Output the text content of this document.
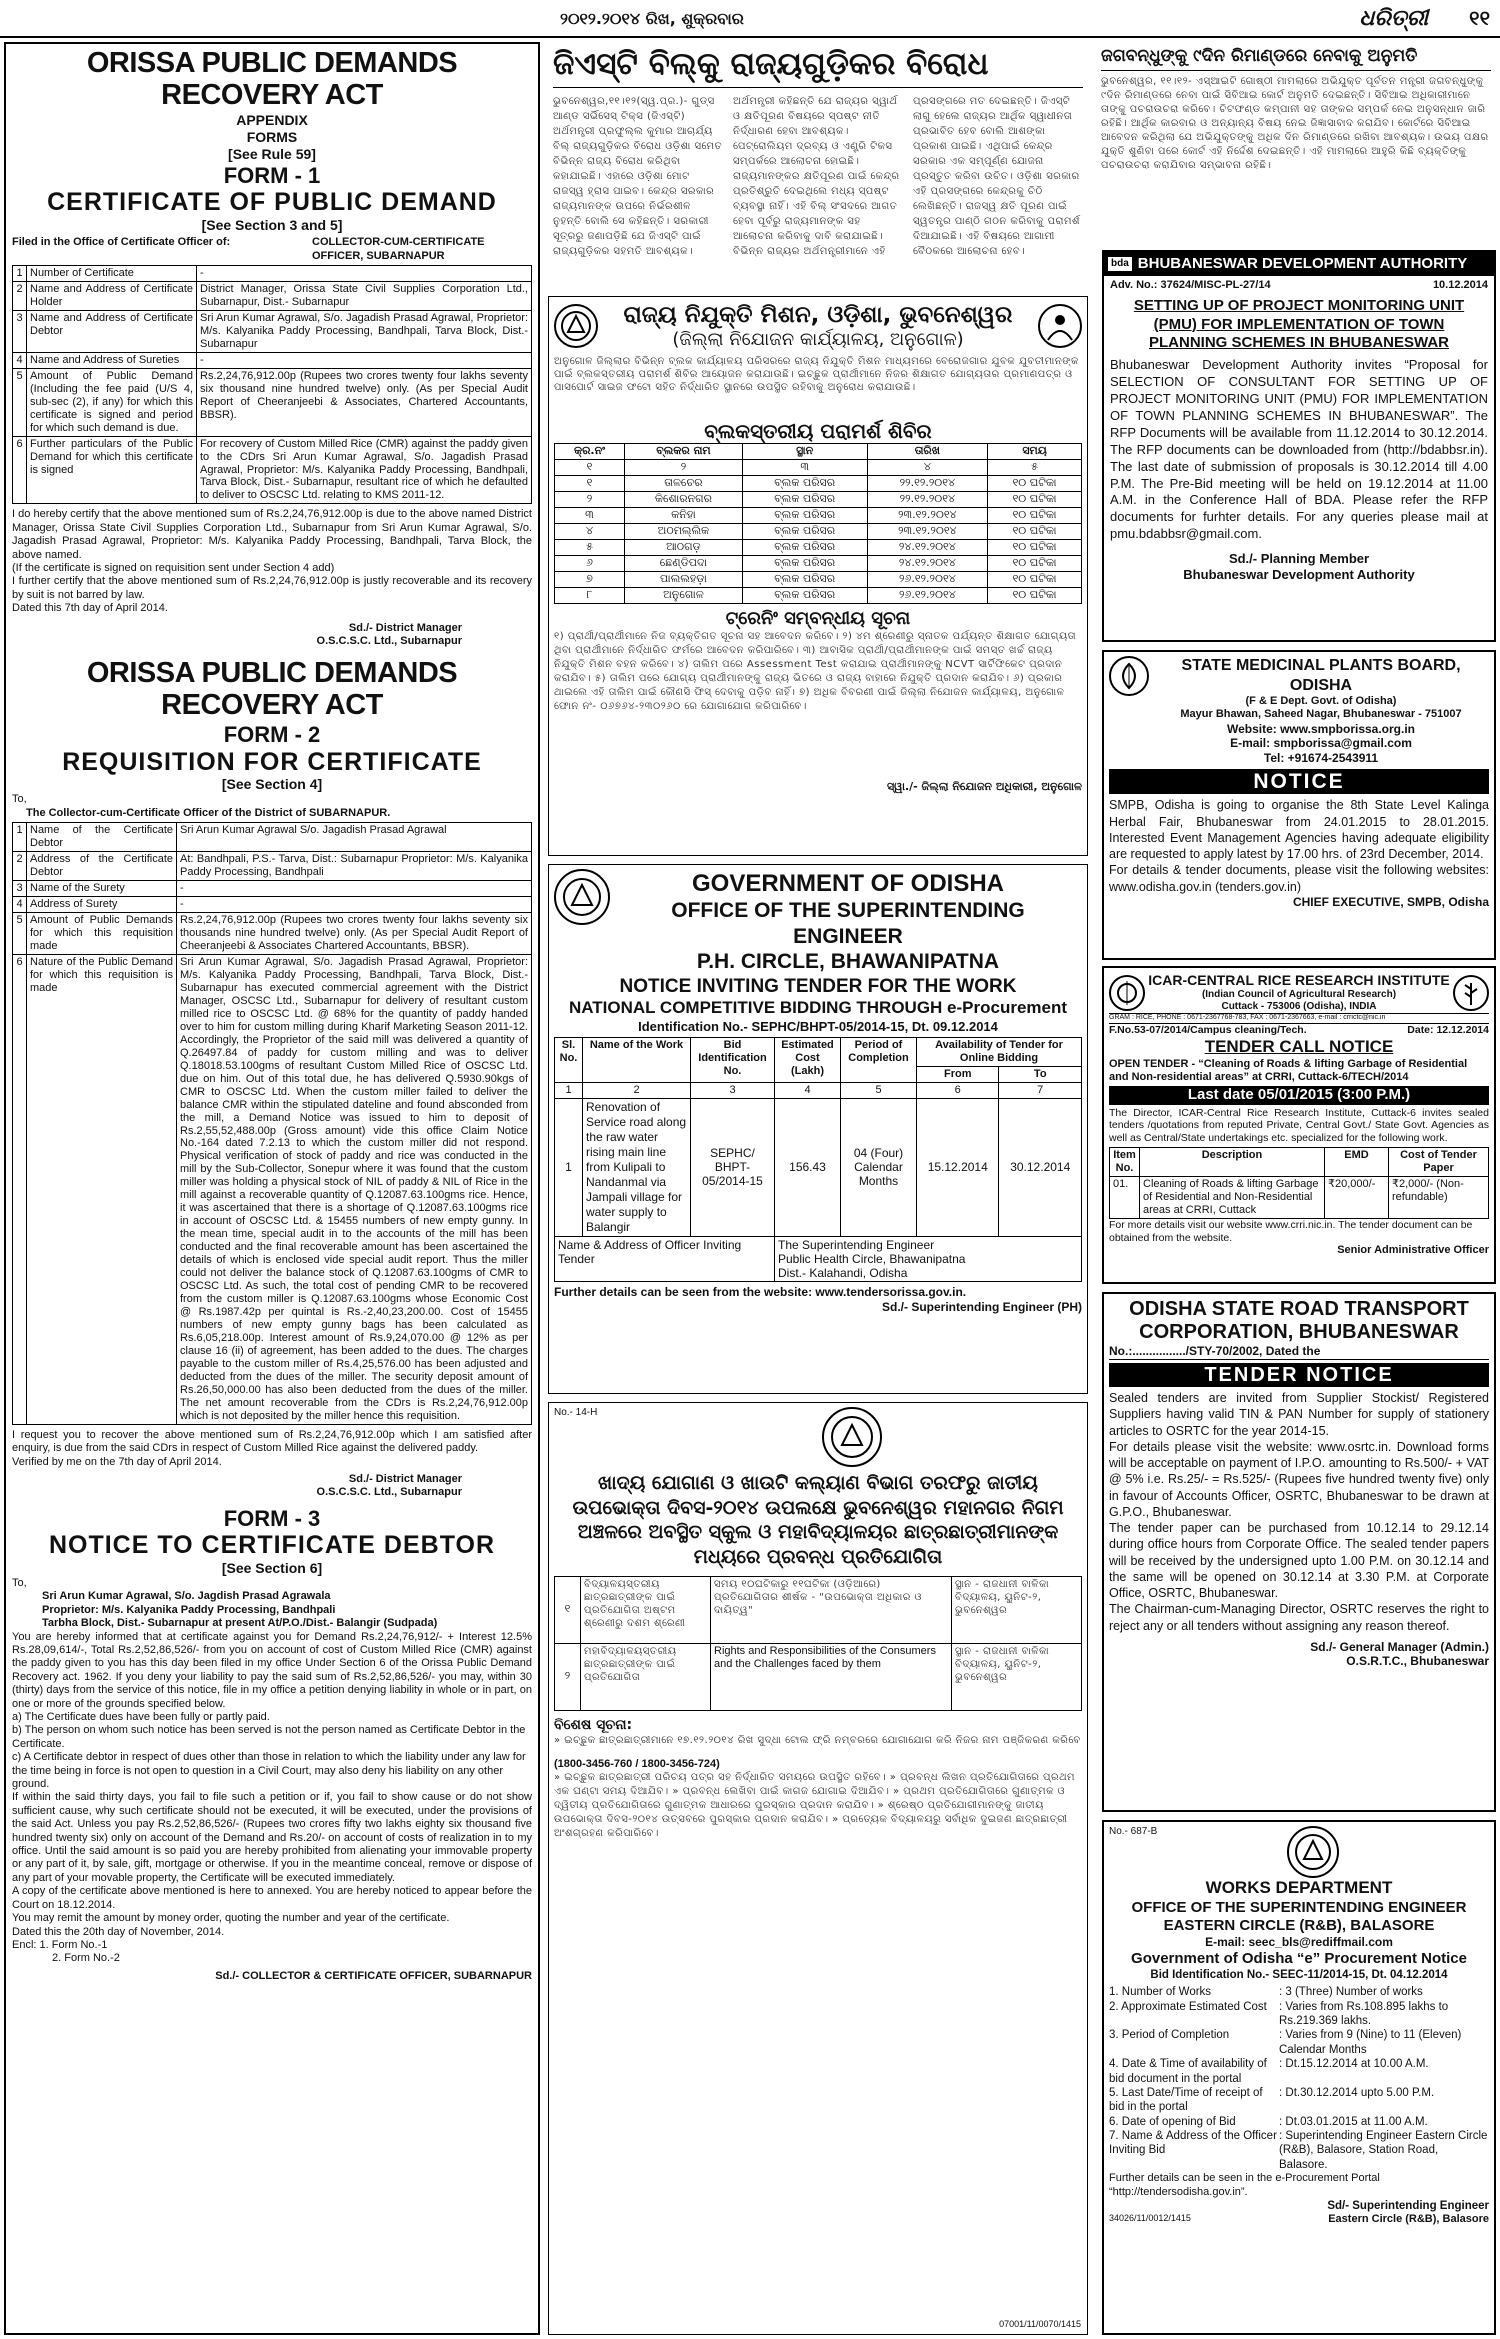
୨୦୧୨.୨୦୧୪ ରିଖ, ଶୁକ୍ରବାର	ଧରିତ୍ରୀ ୧୧
ORISSA PUBLIC DEMANDS RECOVERY ACT
APPENDIX
FORMS
[See Rule 59]
FORM - 1
CERTIFICATE OF PUBLIC DEMAND
[See Section 3 and 5]
Filed in the Office of Certificate Officer of:	COLLECTOR-CUM-CERTIFICATE OFFICER, SUBARNAPUR
1	Number of Certificate	-
2	Name and Address of Certificate Holder	District Manager, Orissa State Civil Supplies Corporation Ltd., Subarnapur, Dist.- Subarnapur
3	Name and Address of Certificate Debtor	Sri Arun Kumar Agrawal, S/o. Jagadish Prasad Agrawal, Proprietor: M/s. Kalyanika Paddy Processing, Bandhpali, Tarva Block, Dist.- Subarnapur
4	Name and Address of Sureties	-
5	Amount of Public Demand (Including the fee paid (U/S 4, sub-sec (2), if any) for which this certificate is signed and period for which such demand is due.	Rs.2,24,76,912.00p (Rupees two crores twenty four lakhs seventy six thousand nine hundred twelve) only. (As per Special Audit Report of Cheeranjeebi & Associates, Chartered Accountants, BBSR).
6	Further particulars of the Public Demand for which this certificate is signed	For recovery of Custom Milled Rice (CMR) against the paddy given to the CDrs Sri Arun Kumar Agrawal, S/o. Jagadish Prasad Agrawal, Proprietor: M/s. Kalyanika Paddy Processing, Bandhpali, Tarva Block, Dist.- Subarnapur, resultant rice of which he defaulted to deliver to OSCSC Ltd. relating to KMS 2011-12.
I do hereby certify that the above mentioned sum of Rs.2,24,76,912.00p is due to the above named District Manager, Orissa State Civil Supplies Corporation Ltd., Subarnapur from Sri Arun Kumar Agrawal, S/o. Jagadish Prasad Agrawal, Proprietor: M/s. Kalyanika Paddy Processing, Bandhpali, Tarva Block, the above named.
(If the certificate is signed on requisition sent under Section 4 add)
I further certify that the above mentioned sum of Rs.2,24,76,912.00p is justly recoverable and its recovery by suit is not barred by law.
Dated this 7th day of April 2014.
Sd./- District Manager
O.S.C.S.C. Ltd., Subarnapur
ORISSA PUBLIC DEMANDS RECOVERY ACT
FORM - 2
REQUISITION FOR CERTIFICATE
[See Section 4]
To,
The Collector-cum-Certificate Officer of the District of SUBARNAPUR.
1	Name of the Certificate Debtor	Sri Arun Kumar Agrawal S/o. Jagadish Prasad Agrawal
2	Address of the Certificate Debtor	At: Bandhpali, P.S.- Tarva, Dist.: Subarnapur Proprietor: M/s. Kalyanika Paddy Processing, Bandhpali
3	Name of the Surety	-
4	Address of Surety	-
5	Amount of Public Demands for which this requisition made	Rs.2,24,76,912.00p (Rupees two crores twenty four lakhs seventy six thousands nine hundred twelve) only. (As per Special Audit Report of Cheeranjeebi & Associates Chartered Accountants, BBSR).
6	Nature of the Public Demand for which this requisition is made	Sri Arun Kumar Agrawal, S/o. Jagadish Prasad Agrawal, Proprietor: M/s. Kalyanika Paddy Processing, Bandhpali, Tarva Block, Dist.- Subarnapur has executed commercial agreement with the District Manager, OSCSC Ltd., Subarnapur for delivery of resultant custom milled rice to OSCSC Ltd. @ 68% for the quantity of paddy handed over to him for custom milling during Kharif Marketing Season 2011-12. Accordingly, the Proprietor of the said mill was delivered a quantity of Q.26497.84 of paddy for custom milling and was to deliver Q.18018.53.100gms of resultant Custom Milled Rice of OSCSC Ltd. due on him. Out of this total due, he has delivered Q.5930.90kgs of CMR to OSCSC Ltd. When the custom miller failed to deliver the balance CMR within the stipulated dateline and found absconded from the mill, a Demand Notice was issued to him to deposit of Rs.2,55,52,488.00p (Gross amount) vide this office Claim Notice No.-164 dated 7.2.13 to which the custom miller did not respond. Physical verification of stock of paddy and rice was conducted in the mill by the Sub-Collector, Sonepur where it was found that the custom miller was holding a physical stock of NIL of paddy & NIL of Rice in the mill against a recoverable quantity of Q.12087.63.100gms rice. Hence, it was ascertained that there is a shortage of Q.12087.63.100gms rice in account of OSCSC Ltd. & 15455 numbers of new empty gunny. In the mean time, special audit in to the accounts of the mill has been conducted and the final recoverable amount has been ascertained the details of which is enclosed vide special audit report. Thus the miller could not deliver the balance stock of Q.12087.63.100gms of CMR to OSCSC Ltd. As such, the total cost of pending CMR to be recovered from the custom miller is Q.12087.63.100gms whose Economic Cost @ Rs.1987.42p per quintal is Rs.-2,40,23,200.00. Cost of 15455 numbers of new empty gunny bags has been calculated as Rs.6,05,218.00p. Interest amount of Rs.9,24,070.00 @ 12% as per clause 16 (ii) of agreement, has been added to the dues. The charges payable to the custom miller of Rs.4,25,576.00 has been adjusted and deducted from the dues of the miller. The security deposit amount of Rs.26,50,000.00 has also been deducted from the dues of the miller. The net amount recoverable from the CDrs is Rs.2,24,76,912.00p which is not deposited by the miller hence this requisition.
I request you to recover the above mentioned sum of Rs.2,24,76,912.00p which I am satisfied after enquiry, is due from the said CDrs in respect of Custom Milled Rice against the delivered paddy.
Verified by me on the 7th day of April 2014.
Sd./- District Manager
O.S.C.S.C. Ltd., Subarnapur
FORM - 3
NOTICE TO CERTIFICATE DEBTOR
[See Section 6]
To,
Sri Arun Kumar Agrawal, S/o. Jagdish Prasad Agrawala
Proprietor: M/s. Kalyanika Paddy Processing, Bandhpali
Tarbha Block, Dist.- Subarnapur at present At/P.O./Dist.- Balangir (Sudpada)
You are hereby informed that at certificate against you for Demand Rs.2,24,76,912/- + Interest 12.5% Rs.28,09,614/-, Total Rs.2,52,86,526/- from you on account of cost of Custom Milled Rice (CMR) against the paddy given to you has this day been filed in my office Under Section 6 of the Orissa Public Demand Recovery act. 1962. If you deny your liability to pay the said sum of Rs.2,52,86,526/- you may, within 30 (thirty) days from the service of this notice, file in my office a petition denying liability in whole or in part, on one or more of the grounds specified below.
a) The Certificate dues have been fully or partly paid.
b) The person on whom such notice has been served is not the person named as Certificate Debtor in the Certificate.
c) A Certificate debtor in respect of dues other than those in relation to which the liability under any law for the time being in force is not open to question in a Civil Court, may also deny his liability on any other ground.
If within the said thirty days, you fail to file such a petition or if, you fail to show cause or do not show sufficient cause, why such certificate should not be executed, it will be executed, under the provisions of the said Act. Unless you pay Rs.2,52,86,526/- (Rupees two crores fifty two lakhs eighty six thousand five hundred twenty six) only on account of the Demand and Rs.20/- on account of costs of realization in to my office. Until the said amount is so paid you are hereby prohibited from alienating your immovable property or any part of it, by sale, gift, mortgage or otherwise. If you in the meantime conceal, remove or dispose of any part of your movable property, the Certificate will be executed immediately.
A copy of the certificate above mentioned is here to annexed. You are hereby noticed to appear before the Court on 18.12.2014.
You may remit the amount by money order, quoting the number and year of the certificate.
Dated this the 20th day of November, 2014.
Encl: 1. Form No.-1
2. Form No.-2
Sd./- COLLECTOR & CERTIFICATE OFFICER, SUBARNAPUR
ଜିଏସ୍ଟି ବିଲ୍କୁ ରାଜ୍ୟଗୁଡ଼ିକର ବିରୋଧ
ଭୁବନେଶ୍ୱର,୧୧।୧୨(ସ୍ୱ.ପ୍ର.)- ଗୁଡ୍ସ ଆଣ୍ଡ ସର୍ଭିସେସ୍ ଟିକ୍ସ (ଜିଏସ୍ଟି) ଅର୍ଥମନ୍ତ୍ରୀ ପ୍ରଫୁଲ୍ଲ କୁମାର ଆଚାର୍ଯ୍ୟ ବିଲ୍ ରାଜ୍ୟଗୁଡ଼ିକର ବିରୋଧ ଓଡ଼ିଶା ସମେତ ବିଭିନ୍ନ ରାଜ୍ୟ ବିରୋଧ କରିଥିବା କହାଯାଇଛି। ଏହାରେ ଓଡ଼ିଶା ମୋଟ ରାଜସ୍ୱ ହ୍ରାସ ପାଇବ। କେନ୍ଦ୍ର ସରକାର ରାଜ୍ୟମାନଙ୍କ ଉପରେ ନିର୍ଭରଶୀଳ ନୁହନ୍ତି ବୋଲି ସେ କହିଛନ୍ତି। ସରକାରୀ ସୂତ୍ରରୁ ଜଣାପଡ଼ିଛି ଯେ ଜିଏସ୍ଟି ପାଇଁ ରାଜ୍ୟଗୁଡ଼ିକର ସହମତି ଆବଶ୍ୟକ। ଅର୍ଥମନ୍ତ୍ରୀ କହିଛନ୍ତି ଯେ ରାଜ୍ୟର ସ୍ୱାର୍ଥ ଓ କ୍ଷତିପୂରଣ ବିଷୟରେ ସ୍ପଷ୍ଟ ନୀତି ନିର୍ଦ୍ଧାରଣ ହେବା ଆବଶ୍ୟକ। ପେଟ୍ରୋଲିୟମ ଦ୍ରବ୍ୟ ଓ ଏଣ୍ଟ୍ରି ଟିକସ ସମ୍ପର୍କରେ ଆଲୋଚନା ହୋଇଛି। ରାଜ୍ୟମାନଙ୍କର କ୍ଷତିପୂରଣ ପାଇଁ କେନ୍ଦ୍ର ପ୍ରତିଶ୍ରୁତି ଦେଇଥିଲେ ମଧ୍ୟ ସ୍ପଷ୍ଟ ବ୍ୟବସ୍ଥା ନାହିଁ। ଏହି ବିଲ୍ ସଂସଦରେ ଆଗତ ହେବା ପୂର୍ବରୁ ରାଜ୍ୟମାନଙ୍କ ସହ ଆଲୋଚନା କରିବାକୁ ଦାବି କରାଯାଇଛି। ବିଭିନ୍ନ ରାଜ୍ୟର ଅର୍ଥମନ୍ତ୍ରୀମାନେ ଏହି ପ୍ରସଙ୍ଗରେ ମତ ଦେଇଛନ୍ତି। ଜିଏସ୍ଟି ଲାଗୁ ହେଲେ ରାଜ୍ୟର ଆର୍ଥିକ ସ୍ୱାଧୀନତା ପ୍ରଭାବିତ ହେବ ବୋଲି ଆଶଙ୍କା ପ୍ରକାଶ ପାଇଛି। ଏଥିପାଇଁ କେନ୍ଦ୍ର ସରକାର ଏକ ସମ୍ପୂର୍ଣ୍ଣ ଯୋଜନା ପ୍ରସ୍ତୁତ କରିବା ଉଚିତ। ଓଡ଼ିଶା ସରକାର ଏହି ପ୍ରସଙ୍ଗରେ କେନ୍ଦ୍ରକୁ ଚିଠି ଲେଖିଛନ୍ତି। ରାଜସ୍ୱ କ୍ଷତି ପୂରଣ ପାଇଁ ସ୍ୱତନ୍ତ୍ର ପାଣ୍ଠି ଗଠନ କରିବାକୁ ପରାମର୍ଶ ଦିଆଯାଇଛି। ଏହି ବିଷୟରେ ଆଗାମୀ ବୈଠକରେ ଆଲୋଚନା ହେବ।
ରାଜ୍ୟ ନିଯୁକ୍ତି ମିଶନ, ଓଡ଼ିଶା, ଭୁବନେଶ୍ୱର
(ଜିଲ୍ଲା ନିଯୋଜନ କାର୍ଯ୍ୟାଳୟ, ଅନୁଗୋଳ)
ଅନୁଗୋଳ ଜିଲ୍ଲାର ବିଭିନ୍ନ ବ୍ଲକ କାର୍ଯ୍ୟାଳୟ ପରିସରରେ ରାଜ୍ୟ ନିଯୁକ୍ତି ମିଶନ ମାଧ୍ୟମରେ ବେରୋଜଗାର ଯୁବକ ଯୁବତୀମାନଙ୍କ ପାଇଁ ବ୍ଲକସ୍ତରୀୟ ପରାମର୍ଶ ଶିବିର ଆୟୋଜନ କରାଯାଉଛି। ଇଚ୍ଛୁକ ପ୍ରାର୍ଥୀମାନେ ନିଜର ଶିକ୍ଷାଗତ ଯୋଗ୍ୟତାର ପ୍ରମାଣପତ୍ର ଓ ପାସପୋର୍ଟ ସାଇଜ ଫଟୋ ସହିତ ନିର୍ଦ୍ଧାରିତ ସ୍ଥାନରେ ଉପସ୍ଥିତ ରହିବାକୁ ଅନୁରୋଧ କରାଯାଉଛି।
ବ୍ଲକସ୍ତରୀୟ ପରାମର୍ଶ ଶିବିର
କ୍ର.ନଂ	ବ୍ଲକର ନାମ	ସ୍ଥାନ	ତାରିଖ	ସମୟ
୧	୨	୩	୪	୫
୧	ତାଳଚେର	ବ୍ଲକ ପରିସର	୨୨.୧୨.୨୦୧୪	୧୦ ଘଟିକା
୨	କିଶୋରନଗର	ବ୍ଲକ ପରିସର	୨୨.୧୨.୨୦୧୪	୧୦ ଘଟିକା
୩	କନିହା	ବ୍ଲକ ପରିସର	୨୩.୧୨.୨୦୧୪	୧୦ ଘଟିକା
୪	ଅଠମଲ୍ଲିକ	ବ୍ଲକ ପରିସର	୨୩.୧୨.୨୦୧୪	୧୦ ଘଟିକା
୫	ଆଠଗଡ଼	ବ୍ଲକ ପରିସର	୨୪.୧୨.୨୦୧୪	୧୦ ଘଟିକା
୬	ଛେଣ୍ଡିପଦା	ବ୍ଲକ ପରିସର	୨୪.୧୨.୨୦୧୪	୧୦ ଘଟିକା
୭	ପାଲଲହଡ଼ା	ବ୍ଲକ ପରିସର	୨୬.୧୨.୨୦୧୪	୧୦ ଘଟିକା
୮	ଅନୁଗୋଳ	ବ୍ଲକ ପରିସର	୨୬.୧୨.୨୦୧୪	୧୦ ଘଟିକା
ଟ୍ରେନିଂ ସମ୍ବନ୍ଧୀୟ ସୂଚନା
୧) ପ୍ରାର୍ଥୀ/ପ୍ରାର୍ଥୀମାନେ ନିଜ ବ୍ୟକ୍ତିଗତ ସୂଚନା ସହ ଆବେଦନ କରିବେ। ୨) ୪ମ ଶ୍ରେଣୀରୁ ସ୍ନାତକ ପର୍ଯ୍ୟନ୍ତ ଶିକ୍ଷାଗତ ଯୋଗ୍ୟତା ଥିବା ପ୍ରାର୍ଥୀମାନେ ନିର୍ଦ୍ଧାରିତ ଫର୍ମରେ ଆବେଦନ କରିପାରିବେ। ୩) ଆବାସିକ ପ୍ରାର୍ଥୀ/ପ୍ରାର୍ଥୀମାନଙ୍କ ପାଇଁ ସମସ୍ତ ଖର୍ଚ୍ଚ ରାଜ୍ୟ ନିଯୁକ୍ତି ମିଶନ ବହନ କରିବେ। ୪) ତାଲିମ ପରେ Assessment Test କରାଯାଇ ପ୍ରାର୍ଥୀମାନଙ୍କୁ NCVT ସାର୍ଟିଫିକେଟ ପ୍ରଦାନ କରାଯିବ। ୫) ତାଲିମ ପରେ ଯୋଗ୍ୟ ପ୍ରାର୍ଥୀମାନଙ୍କୁ ରାଜ୍ୟ ଭିତରେ ଓ ରାଜ୍ୟ ବାହାରେ ନିଯୁକ୍ତି ପ୍ରଦାନ କରାଯିବ। ୬) ପ୍ରକାର ଥାଇଲେ ଏହି ତାଲିମ ପାଇଁ କୌଣସି ଫିସ୍ ଦେବାକୁ ପଡ଼ିବ ନାହିଁ। ୭) ଅଧିକ ବିବରଣୀ ପାଇଁ ଜିଲ୍ଲା ନିଯୋଜନ କାର୍ଯ୍ୟାଳୟ, ଅନୁଗୋଳ ଫୋନ ନଂ- ୦୬୭୬୪-୨୩୦୨୬୦ ରେ ଯୋଗାଯୋଗ କରିପାରିବେ।
ସ୍ୱା./- ଜିଲ୍ଲା ନିଯୋଜନ ଅଧିକାରୀ, ଅନୁଗୋଳ
GOVERNMENT OF ODISHA
OFFICE OF THE SUPERINTENDING ENGINEER
P.H. CIRCLE, BHAWANIPATNA
NOTICE INVITING TENDER FOR THE WORK
NATIONAL COMPETITIVE BIDDING THROUGH e-Procurement
Identification No.- SEPHC/BHPT-05/2014-15, Dt. 09.12.2014
Sl. No.	Name of the Work	Bid Identification No.	Estimated Cost (Lakh)	Period of Completion	Availability of Tender for Online Bidding	
					From	To
1	2	3	4	5	6	7
1	Renovation of Service road along the raw water rising main line from Kulipali to Nandanmal via Jampali village for water supply to Balangir	SEPHC/ BHPT-05/2014-15	156.43	04 (Four) Calendar Months	15.12.2014	30.12.2014
Name & Address of Officer Inviting Tender			The Superintending Engineer
Public Health Circle, Bhawanipatna
Dist.- Kalahandi, Odisha			
Further details can be seen from the website: www.tendersorissa.gov.in.
Sd./- Superintending Engineer (PH)
No.- 14-H
ଖାଦ୍ୟ ଯୋଗାଣ ଓ ଖାଉଟି କଲ୍ୟାଣ ବିଭାଗ ତରଫରୁ ଜାତୀୟ ଉପଭୋକ୍ତା ଦିବସ-୨୦୧୪ ଉପଲକ୍ଷେ ଭୁବନେଶ୍ୱର ମହାନଗର ନିଗମ ଅଞ୍ଚଳରେ ଅବସ୍ଥିତ ସ୍କୁଲ ଓ ମହାବିଦ୍ୟାଳୟର ଛାତ୍ରଛାତ୍ରୀମାନଙ୍କ ମଧ୍ୟରେ ପ୍ରବନ୍ଧ ପ୍ରତିଯୋଗିତା
୧	ବିଦ୍ୟାଳୟସ୍ତରୀୟ ଛାତ୍ରଛାତ୍ରୀଙ୍କ ପାଇଁ ପ୍ରତିଯୋଗିତା ଅଷ୍ଟମ ଶ୍ରେଣୀରୁ ଦଶମ ଶ୍ରେଣୀ	ସମୟ ୧୦ଘଟିକାରୁ ୧୧ଘଟିକା (ଓଡ଼ିଆରେ) ପ୍ରତିଯୋଗିତାର ଶୀର୍ଷକ - "ଉପଭୋକ୍ତା ଅଧିକାର ଓ ଦାୟିତ୍ୱ"	ସ୍ଥାନ - ରାଜଧାନୀ ବାଳିକା ବିଦ୍ୟାଳୟ, ୟୁନିଟ-୨, ଭୁବନେଶ୍ୱର

୨	ମହାବିଦ୍ୟାଳୟସ୍ତରୀୟ ଛାତ୍ରଛାତ୍ରୀଙ୍କ ପାଇଁ ପ୍ରତିଯୋଗିତା	Rights and Responsibilities of the Consumers and the Challenges faced by them	ସ୍ଥାନ - ରାଜଧାନୀ ବାଳିକା ବିଦ୍ୟାଳୟ, ୟୁନିଟ-୨, ଭୁବନେଶ୍ୱର
ବିଶେଷ ସୂଚନା:
» ଇଚ୍ଛୁକ ଛାତ୍ରଛାତ୍ରୀମାନେ ୧୭.୧୨.୨୦୧୪ ରିଖ ସୁଦ୍ଧା ଟୋଲ ଫ୍ରି ନମ୍ବରରେ ଯୋଗାଯୋଗ କରି ନିଜର ନାମ ପଞ୍ଜିକରଣ କରିବେ
(1800-3456-760 / 1800-3456-724)
» ଇଚ୍ଛୁକ ଛାତ୍ରଛାତ୍ରୀ ପରିଚୟ ପତ୍ର ସହ ନିର୍ଦ୍ଧାରିତ ସମୟରେ ଉପସ୍ଥିତ ରହିବେ। » ପ୍ରବନ୍ଧ ଲିଖନ ପ୍ରତିଯୋଗିତାରେ ପ୍ରଥମ ଏକ ଘଣ୍ଟା ସମୟ ଦିଆଯିବ। » ପ୍ରବନ୍ଧ ଲେଖିବା ପାଇଁ କାଗଜ ଯୋଗାଇ ଦିଆଯିବ। » ପ୍ରଥମ ପ୍ରତିଯୋଗିତାରେ ଗୁଣାତ୍ମକ ଓ ଦ୍ୱିତୀୟ ପ୍ରତିଯୋଗିତାରେ ଗୁଣାତ୍ମକ ଆଧାରରେ ପୁରସ୍କାର ପ୍ରଦାନ କରାଯିବ। » ଶ୍ରେଷ୍ଠ ପ୍ରତିଯୋଗୀମାନଙ୍କୁ ଜାତୀୟ ଉପଭୋକ୍ତା ଦିବସ-୨୦୧୪ ଉତ୍ସବରେ ପୁରସ୍କାର ପ୍ରଦାନ କରାଯିବ। » ପ୍ରତ୍ୟେକ ବିଦ୍ୟାଳୟରୁ ସର୍ବାଧିକ ଦୁଇଜଣ ଛାତ୍ରଛାତ୍ରୀ ଅଂଶଗ୍ରହଣ କରିପାରିବେ।
07001/11/0070/1415
ଜଗବନ୍ଧୁଙ୍କୁ ୯ଦିନ ରିମାଣ୍ଡରେ ନେବାକୁ ଅନୁମତି
ଭୁବନେଶ୍ୱର, ୧୧।୧୨- ଏସ୍ଆଇଟି ଗୋଷ୍ଠୀ ମାମଲାରେ ଅଭିଯୁକ୍ତ ପୂର୍ବତନ ମନ୍ତ୍ରୀ ଜଗବନ୍ଧୁଙ୍କୁ ୯ଦିନ ରିମାଣ୍ଡରେ ନେବା ପାଇଁ ସିବିଆଇ କୋର୍ଟ ଅନୁମତି ଦେଇଛନ୍ତି। ସିବିଆଇ ଅଧିକାରୀମାନେ ତାଙ୍କୁ ପଚରାଉଚରା କରିବେ। ଚିଟଫଣ୍ଡ କମ୍ପାନୀ ସହ ତାଙ୍କର ସମ୍ପର୍କ ନେଇ ଅନୁସନ୍ଧାନ ଜାରି ରହିଛି। ଆର୍ଥିକ କାରବାର ଓ ଅନ୍ୟାନ୍ୟ ବିଷୟ ନେଇ ଜିଜ୍ଞାସାବାଦ କରାଯିବ। କୋର୍ଟରେ ସିବିଆଇ ଆବେଦନ କରିଥିଲା ଯେ ଅଭିଯୁକ୍ତଙ୍କୁ ଅଧିକ ଦିନ ରିମାଣ୍ଡରେ ରଖିବା ଆବଶ୍ୟକ। ଉଭୟ ପକ୍ଷର ଯୁକ୍ତି ଶୁଣିବା ପରେ କୋର୍ଟ ଏହି ନିର୍ଦ୍ଦେଶ ଦେଇଛନ୍ତି। ଏହି ମାମଲାରେ ଆହୁରି କିଛି ବ୍ୟକ୍ତିଙ୍କୁ ପଚରାଉଚରା କରାଯିବାର ସମ୍ଭାବନା ରହିଛି।
bda BHUBANESWAR DEVELOPMENT AUTHORITY
Adv. No.: 37624/MISC-PL-27/14	10.12.2014
SETTING UP OF PROJECT MONITORING UNIT (PMU) FOR IMPLEMENTATION OF TOWN PLANNING SCHEMES IN BHUBANESWAR
Bhubaneswar Development Authority invites “Proposal for SELECTION OF CONSULTANT FOR SETTING UP OF PROJECT MONITORING UNIT (PMU) FOR IMPLEMENTATION OF TOWN PLANNING SCHEMES IN BHUBANESWAR”. The RFP Documents will be available from 11.12.2014 to 30.12.2014. The RFP documents can be downloaded from (http://bdabbsr.in). The last date of submission of proposals is 30.12.2014 till 4.00 P.M. The Pre-Bid meeting will be held on 19.12.2014 at 11.00 A.M. in the Conference Hall of BDA. Please refer the RFP documents for furhter details. For any queries please mail at pmu.bdabbsr@gmail.com.
Sd./- Planning Member
Bhubaneswar Development Authority
STATE MEDICINAL PLANTS BOARD, ODISHA
(F & E Dept. Govt. of Odisha)
Mayur Bhawan, Saheed Nagar, Bhubaneswar - 751007
Website: www.smpborissa.org.in
E-mail: smpborissa@gmail.com
Tel: +91674-2543911
NOTICE
SMPB, Odisha is going to organise the 8th State Level Kalinga Herbal Fair, Bhubaneswar from 24.01.2015 to 28.01.2015. Interested Event Management Agencies having adequate eligibility are requested to apply latest by 17.00 hrs. of 23rd December, 2014.
For details & tender documents, please visit the following websites: www.odisha.gov.in (tenders.gov.in)
CHIEF EXECUTIVE, SMPB, Odisha
ICAR-CENTRAL RICE RESEARCH INSTITUTE
(Indian Council of Agricultural Research)
Cuttack - 753006 (Odisha), INDIA
GRAM : RICE, PHONE : 0671-2367768-783, FAX : 0671-2367663, e-mail : crrictc@nic.in
F.No.53-07/2014/Campus cleaning/Tech.	Date: 12.12.2014
TENDER CALL NOTICE
OPEN TENDER - “Cleaning of Roads & lifting Garbage of Residential and Non-residential areas” at CRRI, Cuttack-6/TECH/2014
Last date 05/01/2015 (3:00 P.M.)
The Director, ICAR-Central Rice Research Institute, Cuttack-6 invites sealed tenders /quotations from reputed Private, Central Govt./ State Govt. Agencies as well as Central/State undertakings etc. specialized for the following work.
Item No.	Description	EMD	Cost of Tender Paper
01.	Cleaning of Roads & lifting Garbage of Residential and Non-Residential areas at CRRI, Cuttack	₹20,000/-	₹2,000/- (Non-refundable)
For more details visit our website www.crri.nic.in. The tender document can be obtained from the website.
Senior Administrative Officer
ODISHA STATE ROAD TRANSPORT CORPORATION, BHUBANESWAR
No.:................/STY-70/2002, Dated the
TENDER NOTICE
Sealed tenders are invited from Supplier Stockist/ Registered Suppliers having valid TIN & PAN Number for supply of stationery articles to OSRTC for the year 2014-15.
For details please visit the website: www.osrtc.in. Download forms will be acceptable on payment of I.P.O. amounting to Rs.500/- + VAT @ 5% i.e. Rs.25/- = Rs.525/- (Rupees five hundred twenty five) only in favour of Accounts Officer, OSRTC, Bhubaneswar to be drawn at G.P.O., Bhubaneswar.
The tender paper can be purchased from 10.12.14 to 29.12.14 during office hours from Corporate Office. The sealed tender papers will be received by the undersigned upto 1.00 P.M. on 30.12.14 and the same will be opened on 30.12.14 at 3.30 P.M. at Corporate Office, OSRTC, Bhubaneswar.
The Chairman-cum-Managing Director, OSRTC reserves the right to reject any or all tenders without assigning any reason thereof.
Sd./- General Manager (Admin.)
O.S.R.T.C., Bhubaneswar
No.- 687-B
WORKS DEPARTMENT
OFFICE OF THE SUPERINTENDING ENGINEER
EASTERN CIRCLE (R&B), BALASORE
E-mail: seec_bls@rediffmail.com
Government of Odisha “e” Procurement Notice
Bid Identification No.- SEEC-11/2014-15, Dt. 04.12.2014
1. Number of Works	: 3 (Three) Number of works
2. Approximate Estimated Cost	: Varies from Rs.108.895 lakhs to Rs.219.369 lakhs.
3. Period of Completion	: Varies from 9 (Nine) to 11 (Eleven) Calendar Months
4. Date & Time of availability of bid document in the portal
: Dt.15.12.2014 at 10.00 A.M.
5. Last Date/Time of receipt of bid in the portal
: Dt.30.12.2014 upto 5.00 P.M.
6. Date of opening of Bid	: Dt.03.01.2015 at 11.00 A.M.
7. Name & Address of the Officer Inviting Bid
: Superintending Engineer Eastern Circle (R&B), Balasore, Station Road, Balasore.
Further details can be seen in the e-Procurement Portal “http://tendersodisha.gov.in”.
Sd/- Superintending Engineer
34026/11/0012/1415	Eastern Circle (R&B), Balasore
